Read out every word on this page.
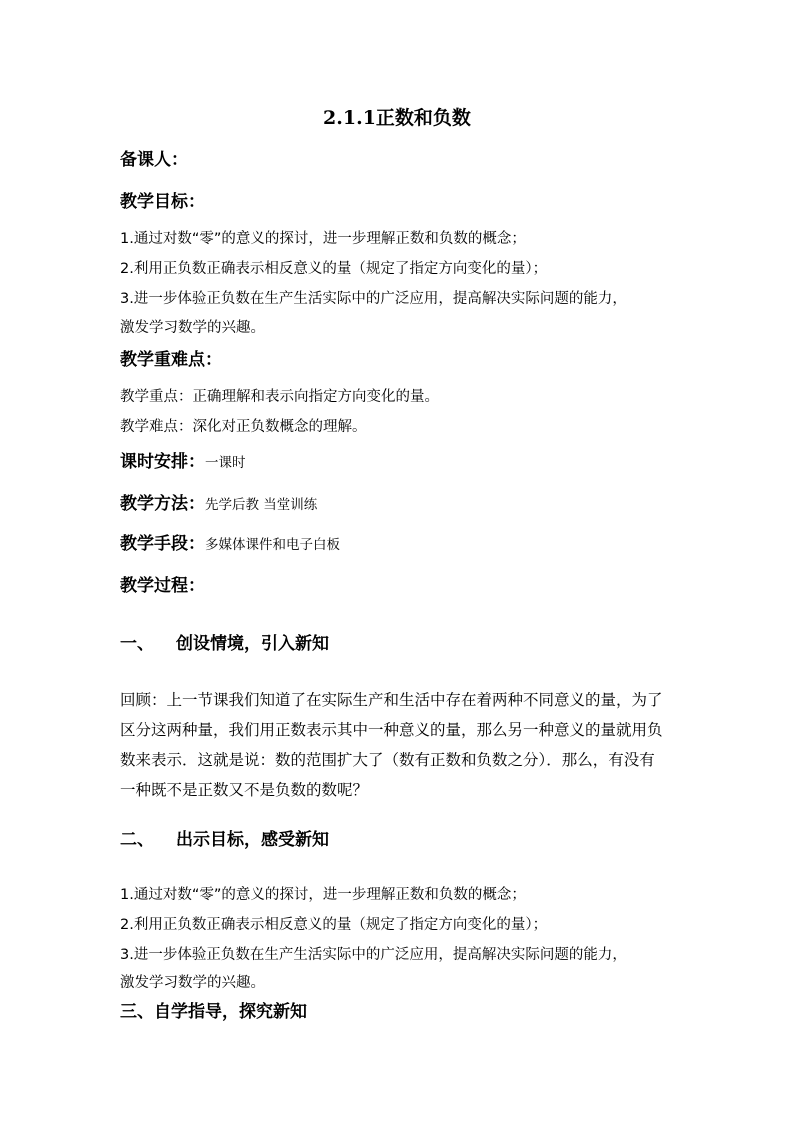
2.1.1正数和负数
备课人：
教学目标：
1.通过对数“零”的意义的探讨，进一步理解正数和负数的概念；
2.利用正负数正确表示相反意义的量（规定了指定方向变化的量）；
3.进一步体验正负数在生产生活实际中的广泛应用，提高解决实际问题的能力，
激发学习数学的兴趣。
教学重难点：
教学重点：正确理解和表示向指定方向变化的量。
教学难点：深化对正负数概念的理解。
课时安排：一课时
教学方法：先学后教 当堂训练
教学手段：多媒体课件和电子白板
教学过程：
一、 创设情境，引入新知
回顾：上一节课我们知道了在实际生产和生活中存在着两种不同意义的量，为了
区分这两种量，我们用正数表示其中一种意义的量，那么另一种意义的量就用负
数来表示．这就是说：数的范围扩大了（数有正数和负数之分）．那么，有没有
一种既不是正数又不是负数的数呢？
二、 出示目标，感受新知
1.通过对数“零”的意义的探讨，进一步理解正数和负数的概念；
2.利用正负数正确表示相反意义的量（规定了指定方向变化的量）；
3.进一步体验正负数在生产生活实际中的广泛应用，提高解决实际问题的能力，
激发学习数学的兴趣。
三、自学指导，探究新知
